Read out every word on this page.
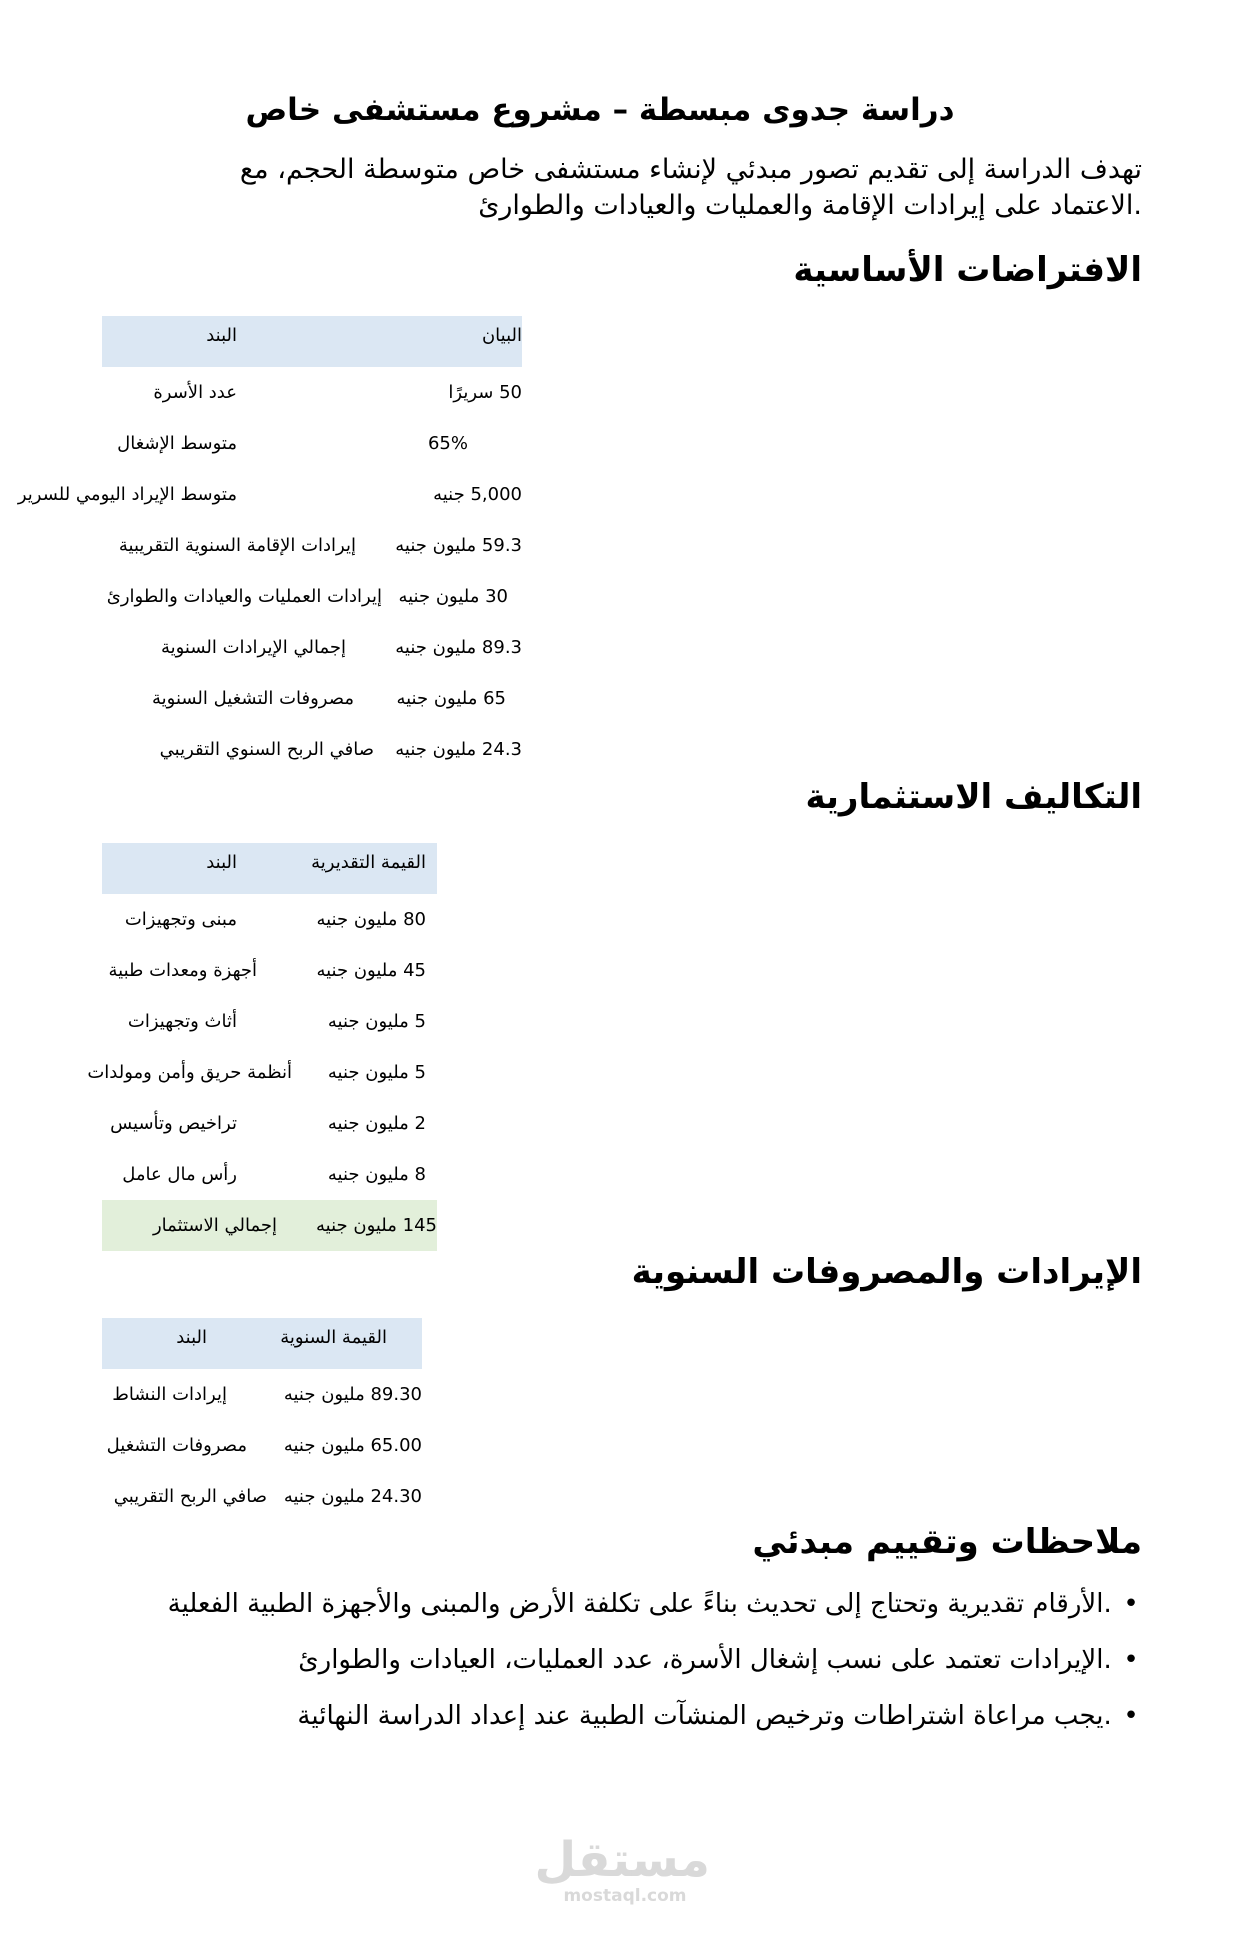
دراسة جدوى مبسطة – مشروع مستشفى خاص
تهدف الدراسة إلى تقديم تصور مبدئي لإنشاء مستشفى خاص متوسطة الحجم، مع
.الاعتماد على إيرادات الإقامة والعمليات والعيادات والطوارئ
الافتراضات الأساسية
البيان
البند
50 سريرًا
عدد الأسرة
65%
متوسط الإشغال
5,000 جنيه
متوسط الإيراد اليومي للسرير
59.3 مليون جنيه
إيرادات الإقامة السنوية التقريبية
30 مليون جنيه
إيرادات العمليات والعيادات والطوارئ
89.3 مليون جنيه
إجمالي الإيرادات السنوية
65 مليون جنيه
مصروفات التشغيل السنوية
24.3 مليون جنيه
صافي الربح السنوي التقريبي
التكاليف الاستثمارية
القيمة التقديرية
البند
80 مليون جنيه
مبنى وتجهيزات
45 مليون جنيه
أجهزة ومعدات طبية
5 مليون جنيه
أثاث وتجهيزات
5 مليون جنيه
أنظمة حريق وأمن ومولدات
2 مليون جنيه
تراخيص وتأسيس
8 مليون جنيه
رأس مال عامل
145 مليون جنيه
إجمالي الاستثمار
الإيرادات والمصروفات السنوية
القيمة السنوية
البند
89.30 مليون جنيه
إيرادات النشاط
65.00 مليون جنيه
مصروفات التشغيل
24.30 مليون جنيه
صافي الربح التقريبي
ملاحظات وتقييم مبدئي
• .الأرقام تقديرية وتحتاج إلى تحديث بناءً على تكلفة الأرض والمبنى والأجهزة الطبية الفعلية
• .الإيرادات تعتمد على نسب إشغال الأسرة، عدد العمليات، العيادات والطوارئ
• .يجب مراعاة اشتراطات وترخيص المنشآت الطبية عند إعداد الدراسة النهائية
مستقل
mostaql.com
